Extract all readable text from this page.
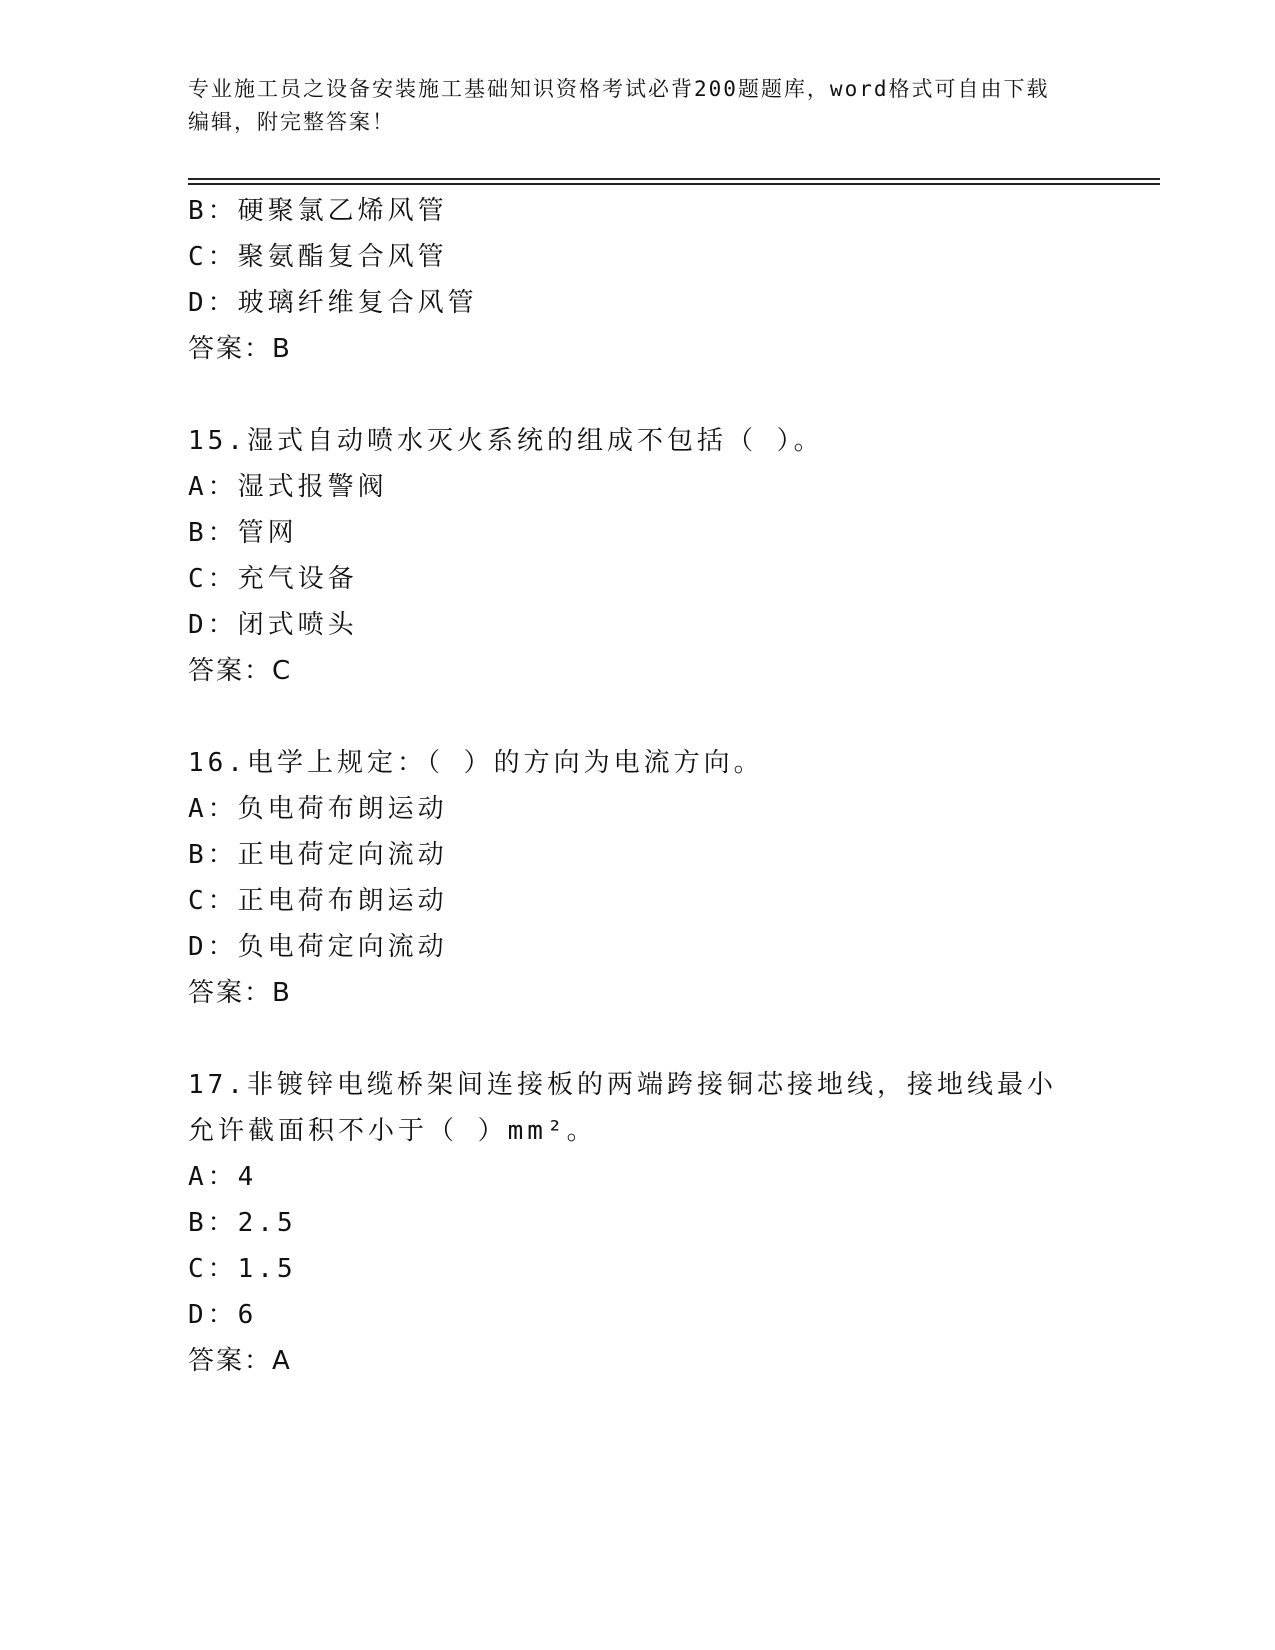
专业施工员之设备安装施工基础知识资格考试必背200题题库，word格式可自由下载编辑，附完整答案！
B：硬聚氯乙烯风管
C：聚氨酯复合风管
D：玻璃纤维复合风管
答案：B
15.湿式自动喷水灭火系统的组成不包括（ ）。
A：湿式报警阀
B：管网
C：充气设备
D：闭式喷头
答案：C
16.电学上规定：（ ）的方向为电流方向。
A：负电荷布朗运动
B：正电荷定向流动
C：正电荷布朗运动
D：负电荷定向流动
答案：B
17.非镀锌电缆桥架间连接板的两端跨接铜芯接地线，接地线最小允许截面积不小于（ ）mm²。
A：4
B：2.5
C：1.5
D：6
答案：A
